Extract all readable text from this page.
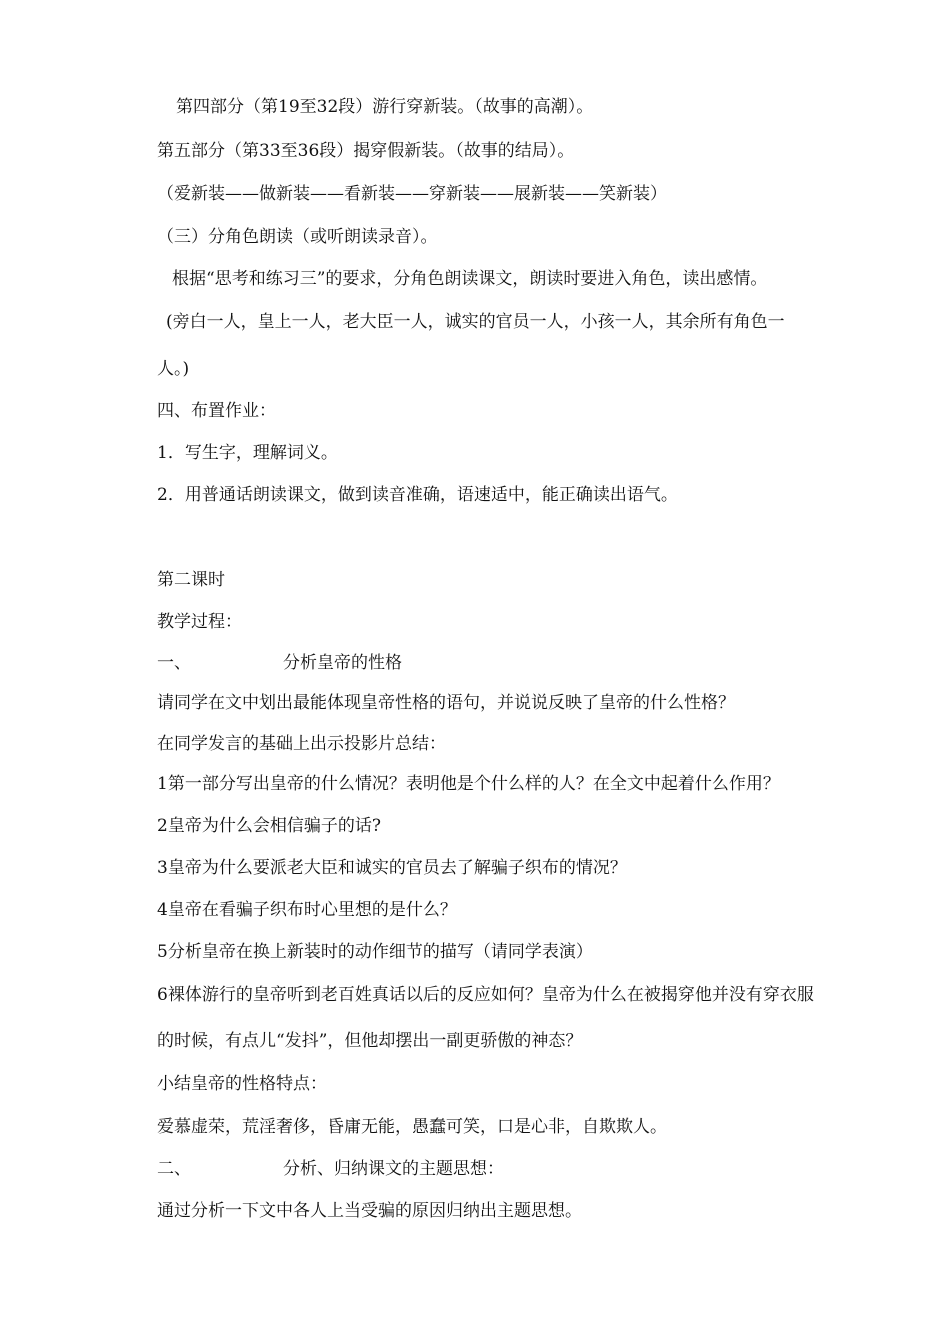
第四部分（第19至32段）游行穿新装。（故事的高潮）。
第五部分（第33至36段）揭穿假新装。（故事的结局）。
（爱新装——做新装——看新装——穿新装——展新装——笑新装）
（三）分角色朗读（或听朗读录音）。
根据“思考和练习三”的要求，分角色朗读课文，朗读时要进入角色，读出感情。
(旁白一人，皇上一人，老大臣一人，诚实的官员一人，小孩一人，其余所有角色一
人。)
四、布置作业：
1．写生字，理解词义。
2．用普通话朗读课文，做到读音准确，语速适中，能正确读出语气。
第二课时
教学过程：
一、	分析皇帝的性格
请同学在文中划出最能体现皇帝性格的语句，并说说反映了皇帝的什么性格？
在同学发言的基础上出示投影片总结：
1第一部分写出皇帝的什么情况？表明他是个什么样的人？在全文中起着什么作用？
2皇帝为什么会相信骗子的话?
3皇帝为什么要派老大臣和诚实的官员去了解骗子织布的情况？
4皇帝在看骗子织布时心里想的是什么？
5分析皇帝在换上新装时的动作细节的描写（请同学表演）
6裸体游行的皇帝听到老百姓真话以后的反应如何？皇帝为什么在被揭穿他并没有穿衣服
的时候，有点儿“发抖”，但他却摆出一副更骄傲的神态？
小结皇帝的性格特点：
爱慕虚荣，荒淫奢侈，昏庸无能，愚蠢可笑，口是心非，自欺欺人。
二、	分析、归纳课文的主题思想：
通过分析一下文中各人上当受骗的原因归纳出主题思想。
